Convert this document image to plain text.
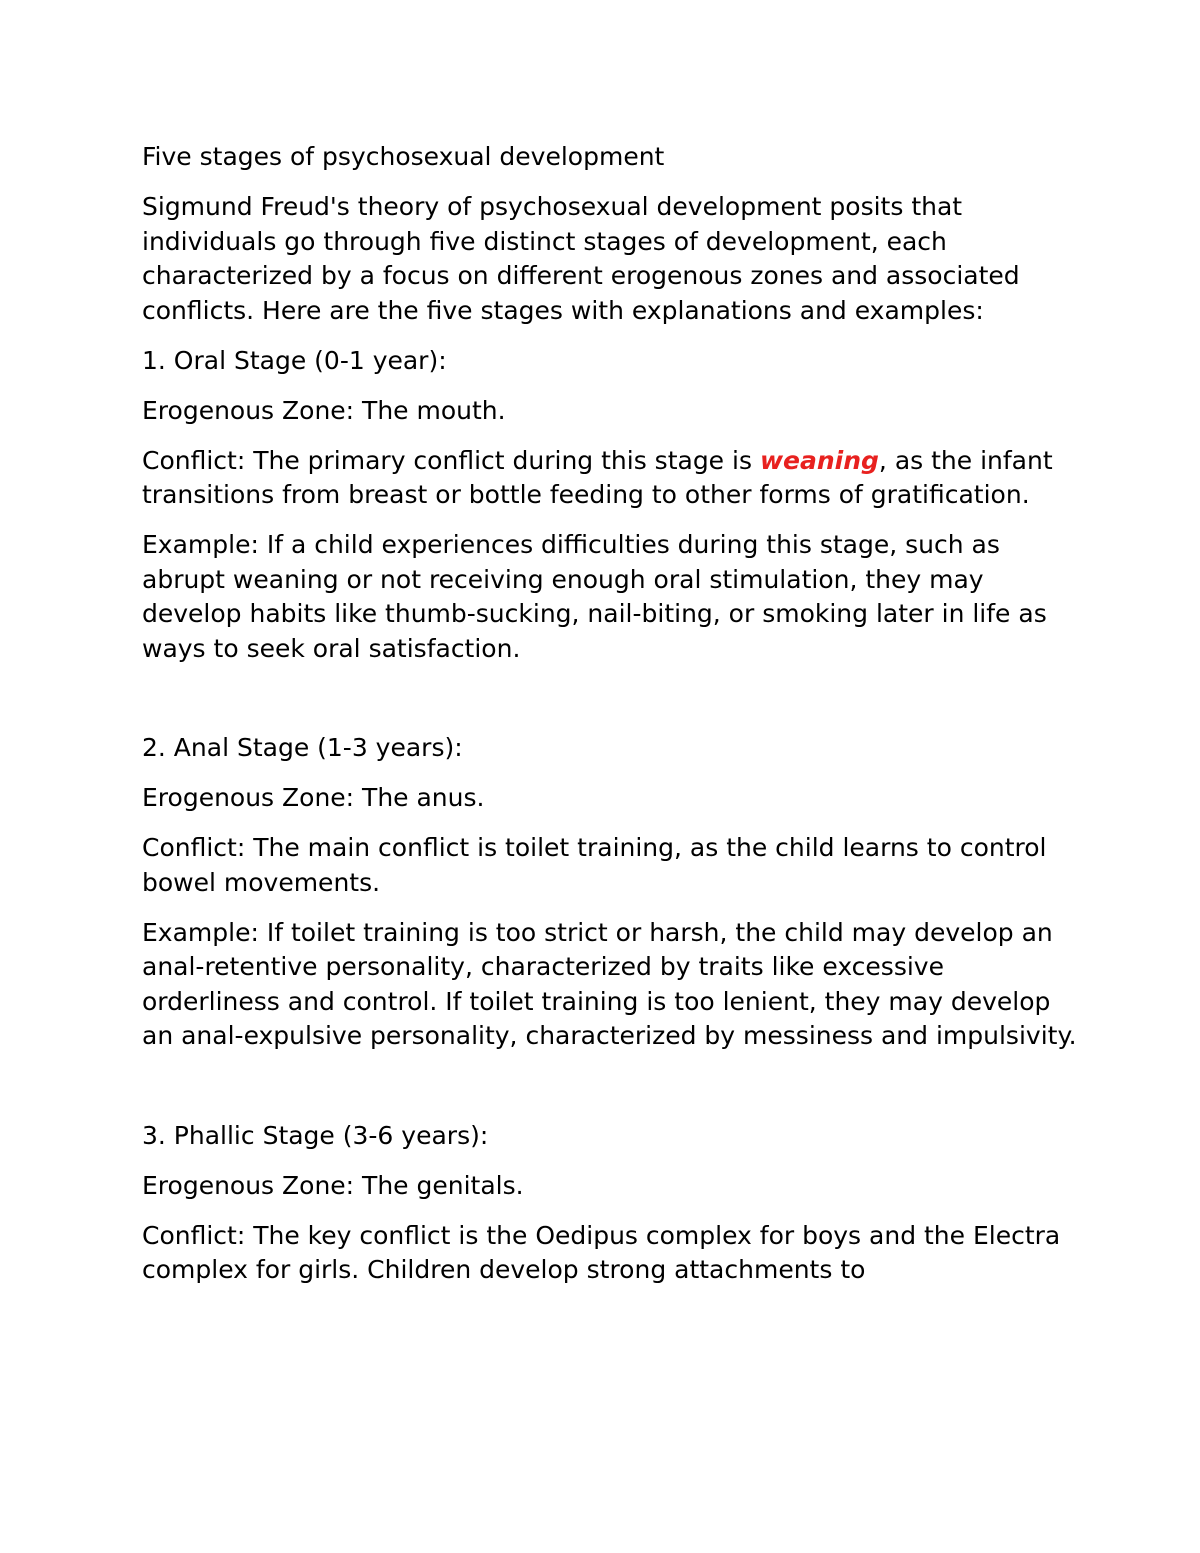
Five stages of psychosexual development

Sigmund Freud's theory of psychosexual development posits that individuals go through five distinct stages of development, each characterized by a focus on different erogenous zones and associated conflicts. Here are the five stages with explanations and examples:

1. Oral Stage (0-1 year):

Erogenous Zone: The mouth.

Conflict: The primary conflict during this stage is weaning, as the infant transitions from breast or bottle feeding to other forms of gratification.

Example: If a child experiences difficulties during this stage, such as abrupt weaning or not receiving enough oral stimulation, they may develop habits like thumb-sucking, nail-biting, or smoking later in life as ways to seek oral satisfaction.

2. Anal Stage (1-3 years):

Erogenous Zone: The anus.

Conflict: The main conflict is toilet training, as the child learns to control bowel movements.

Example: If toilet training is too strict or harsh, the child may develop an anal-retentive personality, characterized by traits like excessive orderliness and control. If toilet training is too lenient, they may develop an anal-expulsive personality, characterized by messiness and impulsivity.

3. Phallic Stage (3-6 years):

Erogenous Zone: The genitals.

Conflict: The key conflict is the Oedipus complex for boys and the Electra complex for girls. Children develop strong attachments to
